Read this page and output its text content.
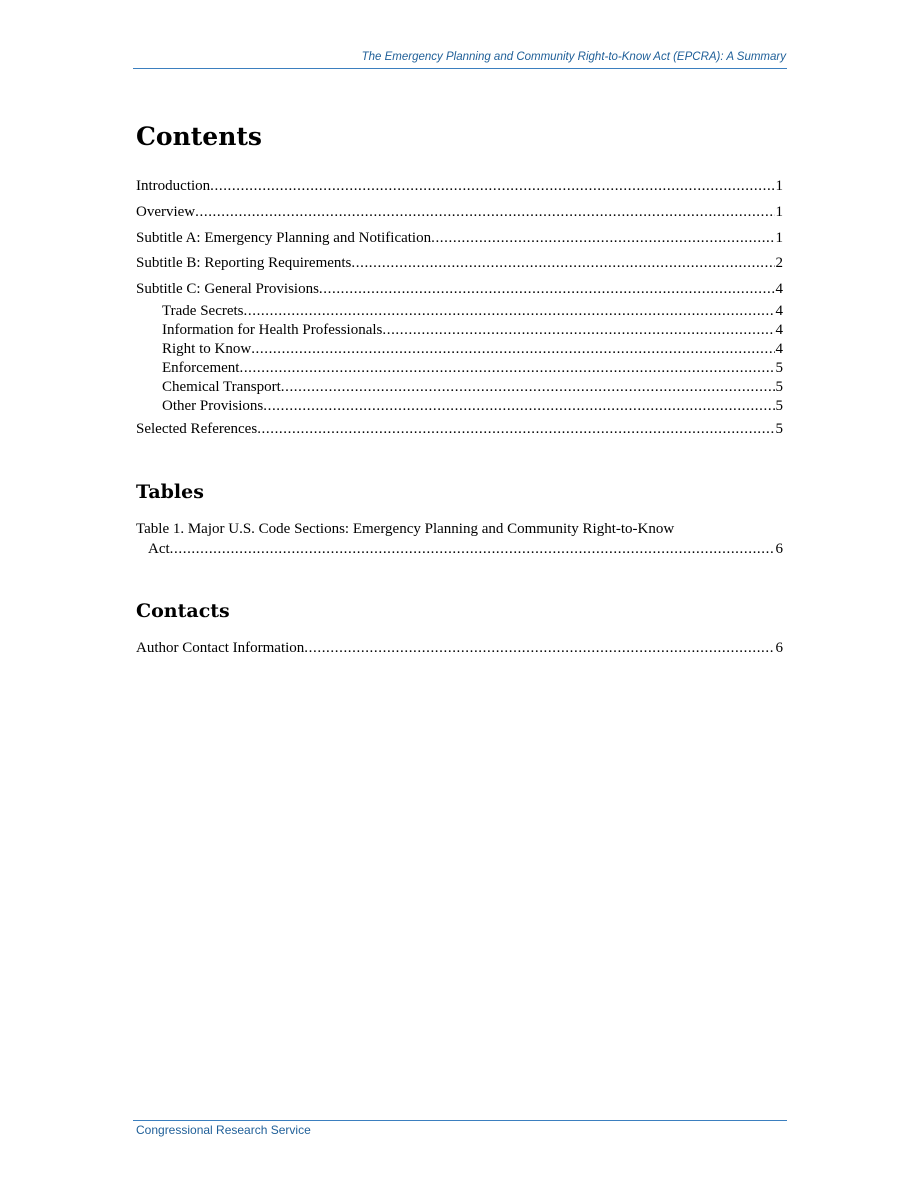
The Emergency Planning and Community Right-to-Know Act (EPCRA): A Summary
Contents
Introduction .....	1
Overview .....	1
Subtitle A: Emergency Planning and Notification .....	1
Subtitle B: Reporting Requirements .....	2
Subtitle C: General Provisions .....	4
Trade Secrets .....	4
Information for Health Professionals .....	4
Right to Know .....	4
Enforcement .....	5
Chemical Transport .....	5
Other Provisions .....	5
Selected References .....	5
Tables
Table 1. Major U.S. Code Sections: Emergency Planning and Community Right-to-Know
Act .....	6
Contacts
Author Contact Information .....	6
Congressional Research Service
